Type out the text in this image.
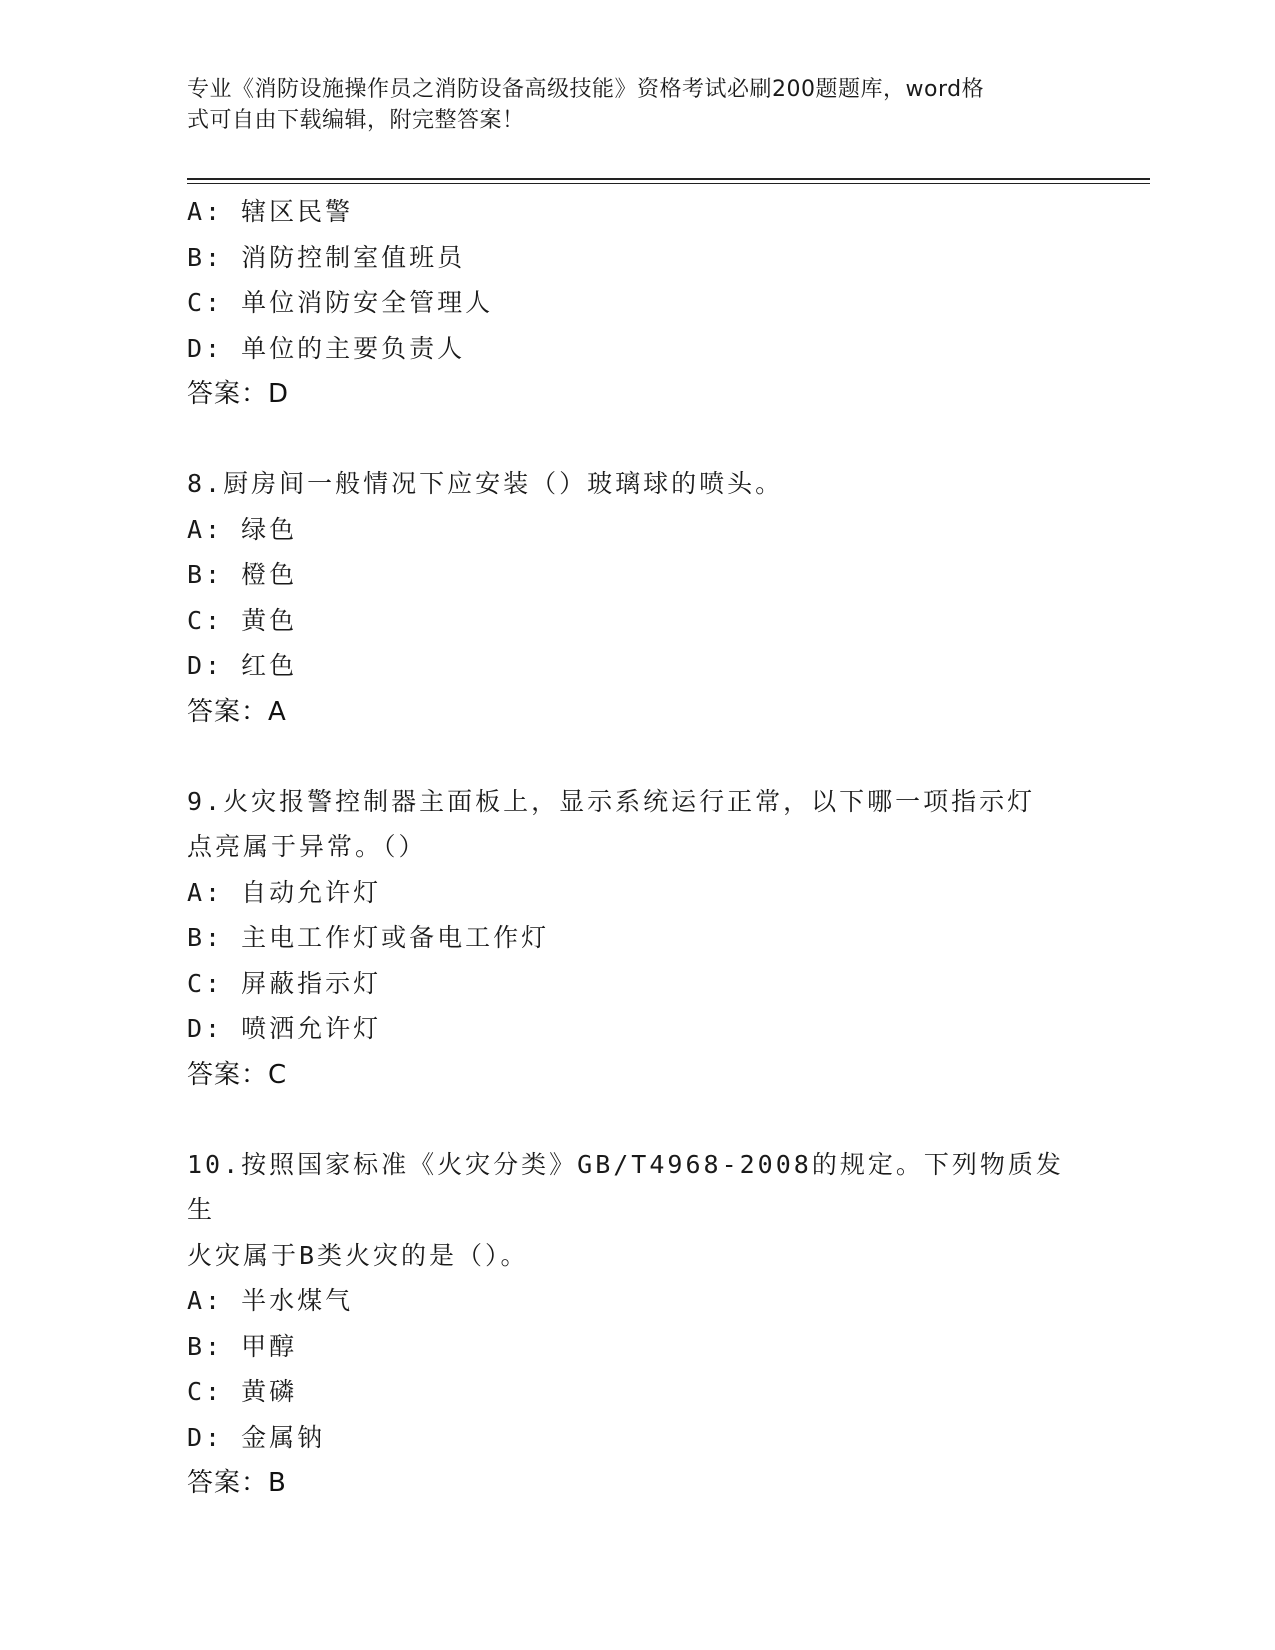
专业《消防设施操作员之消防设备高级技能》资格考试必刷200题题库，word格
式可自由下载编辑，附完整答案！
A: 辖区民警
B: 消防控制室值班员
C: 单位消防安全管理人
D: 单位的主要负责人
答案：D
8.厨房间一般情况下应安装（）玻璃球的喷头。
A: 绿色
B: 橙色
C: 黄色
D: 红色
答案：A
9.火灾报警控制器主面板上，显示系统运行正常，以下哪一项指示灯
点亮属于异常。（）
A: 自动允许灯
B: 主电工作灯或备电工作灯
C: 屏蔽指示灯
D: 喷洒允许灯
答案：C
10.按照国家标准《火灾分类》GB/T4968-2008的规定。下列物质发生
火灾属于B类火灾的是（）。
A: 半水煤气
B: 甲醇
C: 黄磷
D: 金属钠
答案：B
